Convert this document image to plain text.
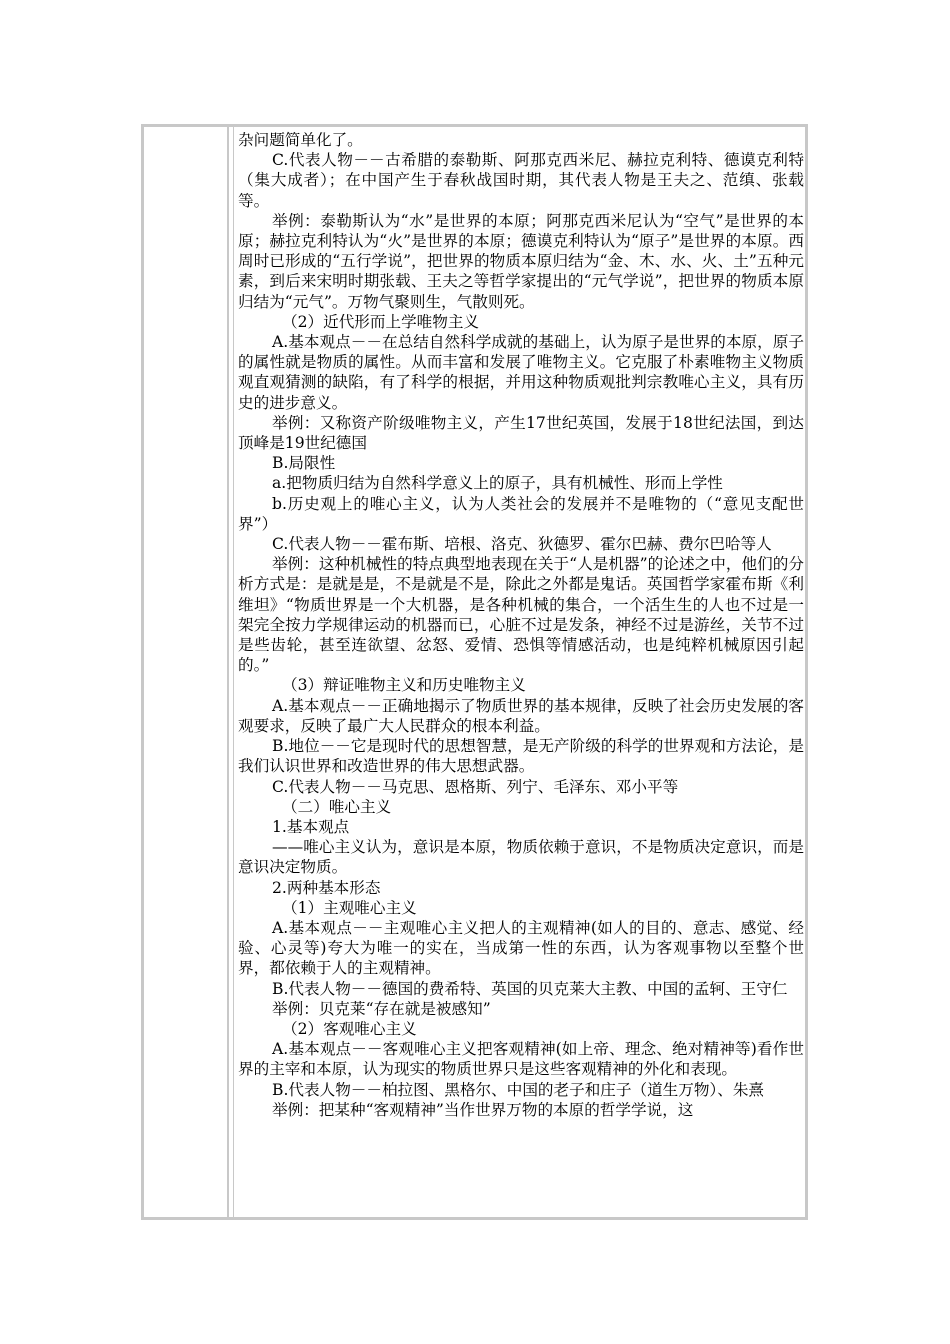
杂问题简单化了。

C.代表人物－－古希腊的泰勒斯、阿那克西米尼、赫拉克利特、德谟克利特（集大成者）；在中国产生于春秋战国时期，其代表人物是王夫之、范缜、张载等。

举例：泰勒斯认为“水”是世界的本原；阿那克西米尼认为“空气”是世界的本原；赫拉克利特认为“火”是世界的本原；德谟克利特认为“原子”是世界的本原。西周时已形成的“五行学说”，把世界的物质本原归结为“金、木、水、火、土”五种元素，到后来宋明时期张载、王夫之等哲学家提出的“元气学说”，把世界的物质本原归结为“元气”。万物气聚则生，气散则死。

（2）近代形而上学唯物主义

A.基本观点－－在总结自然科学成就的基础上，认为原子是世界的本原，原子的属性就是物质的属性。从而丰富和发展了唯物主义。它克服了朴素唯物主义物质观直观猜测的缺陷，有了科学的根据，并用这种物质观批判宗教唯心主义，具有历史的进步意义。

举例：又称资产阶级唯物主义，产生17世纪英国，发展于18世纪法国，到达顶峰是19世纪德国

B.局限性

a.把物质归结为自然科学意义上的原子，具有机械性、形而上学性

b.历史观上的唯心主义，认为人类社会的发展并不是唯物的（“意见支配世界”）

C.代表人物－－霍布斯、培根、洛克、狄德罗、霍尔巴赫、费尔巴哈等人

举例：这种机械性的特点典型地表现在关于“人是机器”的论述之中，他们的分析方式是：是就是是，不是就是不是，除此之外都是鬼话。英国哲学家霍布斯《利维坦》“物质世界是一个大机器，是各种机械的集合，一个活生生的人也不过是一架完全按力学规律运动的机器而已，心脏不过是发条，神经不过是游丝，关节不过是些齿轮，甚至连欲望、忿怒、爱情、恐惧等情感活动，也是纯粹机械原因引起的。”

（3）辩证唯物主义和历史唯物主义

A.基本观点－－正确地揭示了物质世界的基本规律，反映了社会历史发展的客观要求，反映了最广大人民群众的根本利益。

B.地位－－它是现时代的思想智慧，是无产阶级的科学的世界观和方法论，是我们认识世界和改造世界的伟大思想武器。

C.代表人物－－马克思、恩格斯、列宁、毛泽东、邓小平等

（二）唯心主义

1.基本观点

——唯心主义认为，意识是本原，物质依赖于意识，不是物质决定意识，而是意识决定物质。

2.两种基本形态

（1）主观唯心主义

A.基本观点－－主观唯心主义把人的主观精神(如人的目的、意志、感觉、经验、心灵等)夸大为唯一的实在，当成第一性的东西，认为客观事物以至整个世界，都依赖于人的主观精神。

B.代表人物－－德国的费希特、英国的贝克莱大主教、中国的孟轲、王守仁

举例：贝克莱“存在就是被感知”

（2）客观唯心主义

A.基本观点－－客观唯心主义把客观精神(如上帝、理念、绝对精神等)看作世界的主宰和本原，认为现实的物质世界只是这些客观精神的外化和表现。

B.代表人物－－柏拉图、黑格尔、中国的老子和庄子（道生万物）、朱熹

举例：把某种“客观精神”当作世界万物的本原的哲学学说，这
